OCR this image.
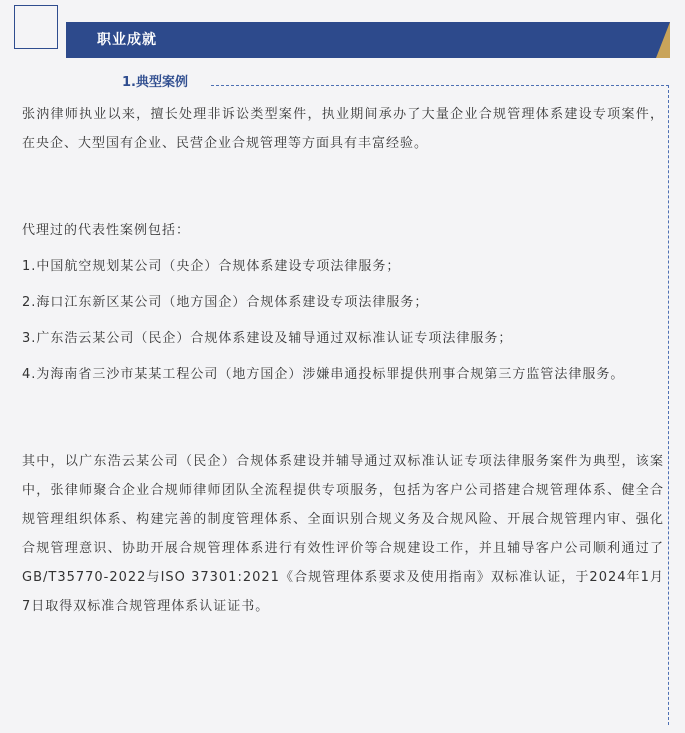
职业成就
1.典型案例

张汭律师执业以来，擅长处理非诉讼类型案件，执业期间承办了大量企业合规管理体系建设专项案件，在央企、大型国有企业、民营企业合规管理等方面具有丰富经验。

代理过的代表性案例包括：

1.中国航空规划某公司（央企）合规体系建设专项法律服务；

2.海口江东新区某公司（地方国企）合规体系建设专项法律服务；

3.广东浩云某公司（民企）合规体系建设及辅导通过双标准认证专项法律服务；

4.为海南省三沙市某某工程公司（地方国企）涉嫌串通投标罪提供刑事合规第三方监管法律服务。

其中，以广东浩云某公司（民企）合规体系建设并辅导通过双标准认证专项法律服务案件为典型，该案中，张律师聚合企业合规师律师团队全流程提供专项服务，包括为客户公司搭建合规管理体系、健全合规管理组织体系、构建完善的制度管理体系、全面识别合规义务及合规风险、开展合规管理内审、强化合规管理意识、协助开展合规管理体系进行有效性评价等合规建设工作，并且辅导客户公司顺利通过了GB/T35770-2022与ISO 37301:2021《合规管理体系要求及使用指南》双标准认证，于2024年1月7日取得双标准合规管理体系认证证书。
